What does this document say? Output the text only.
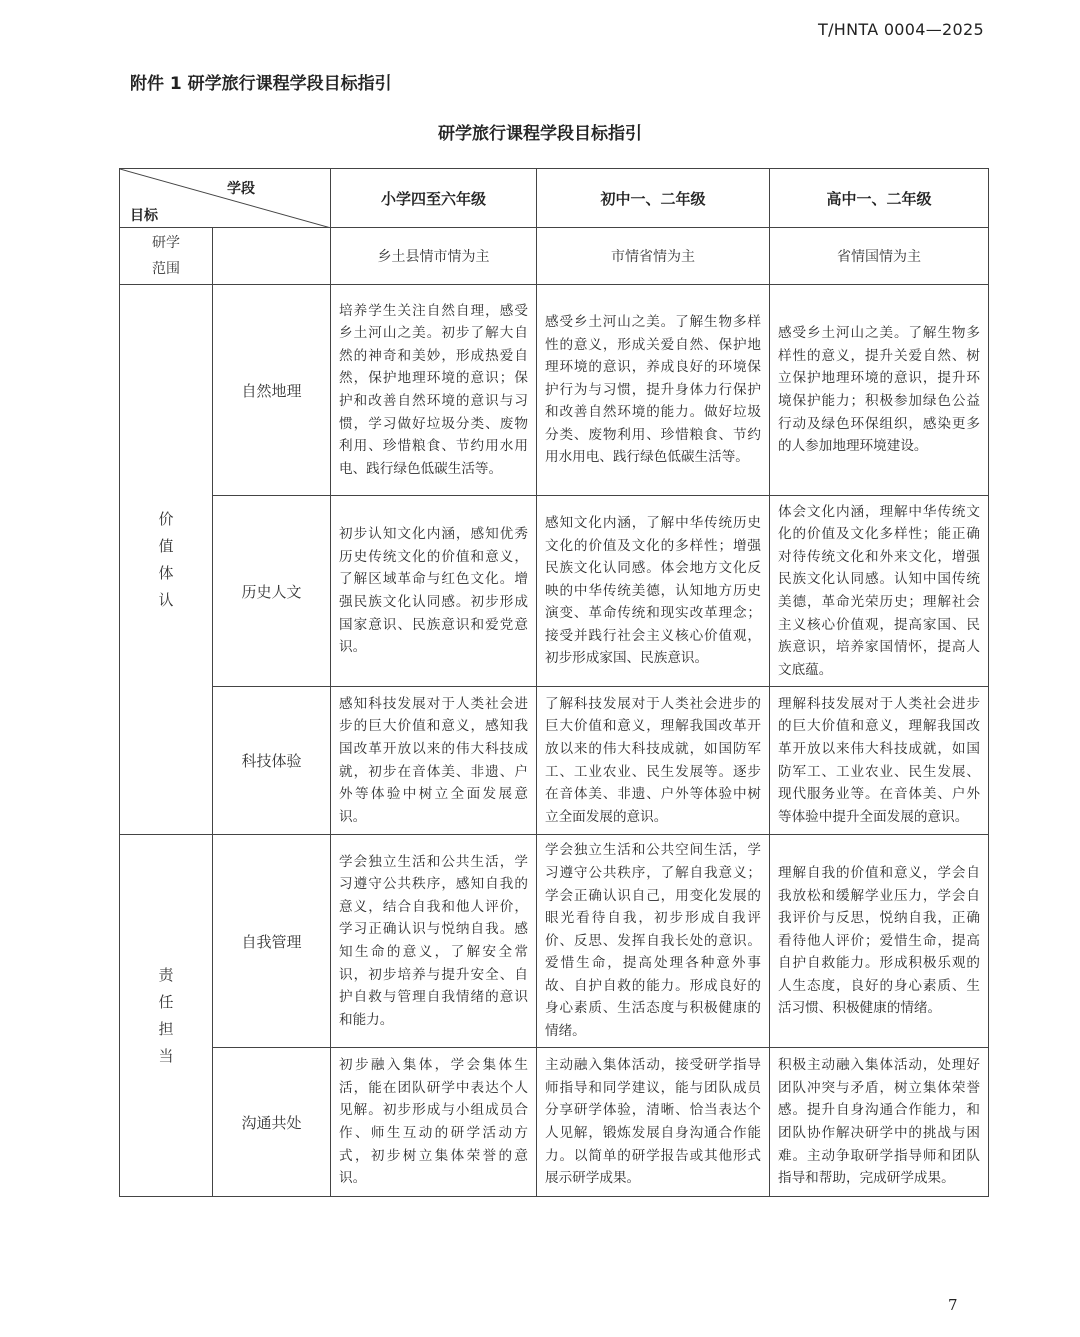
T/HNTA 0004—2025
附件 1 研学旅行课程学段目标指引
研学旅行课程学段目标指引
学段
目标		小学四至六年级	初中一、二年级	高中一、二年级
研学范围		乡土县情市情为主	市情省情为主	省情国情为主

价
值
体
认	自然地理	培养学生关注自然自理，感受乡土河山之美。初步了解大自然的神奇和美妙，形成热爱自然，保护地理环境的意识；保护和改善自然环境的意识与习惯，学习做好垃圾分类、废物利用、珍惜粮食、节约用水用电、践行绿色低碳生活等。	感受乡土河山之美。了解生物多样性的意义，形成关爱自然、保护地理环境的意识，养成良好的环境保护行为与习惯，提升身体力行保护和改善自然环境的能力。做好垃圾分类、废物利用、珍惜粮食、节约用水用电、践行绿色低碳生活等。	感受乡土河山之美。了解生物多样性的意义，提升关爱自然、树立保护地理环境的意识，提升环境保护能力；积极参加绿色公益行动及绿色环保组织，感染更多的人参加地理环境建设。
	历史人文	初步认知文化内涵，感知优秀历史传统文化的价值和意义，了解区域革命与红色文化。增强民族文化认同感。初步形成国家意识、民族意识和爱党意识。	感知文化内涵，了解中华传统历史文化的价值及文化的多样性；增强民族文化认同感。体会地方文化反映的中华传统美德，认知地方历史演变、革命传统和现实改革理念；接受并践行社会主义核心价值观，初步形成家国、民族意识。	体会文化内涵，理解中华传统文化的价值及文化多样性；能正确对待传统文化和外来文化，增强民族文化认同感。认知中国传统美德，革命光荣历史；理解社会主义核心价值观，提高家国、民族意识，培养家国情怀，提高人文底蕴。
	科技体验	感知科技发展对于人类社会进步的巨大价值和意义，感知我国改革开放以来的伟大科技成就，初步在音体美、非遗、户外等体验中树立全面发展意识。	了解科技发展对于人类社会进步的巨大价值和意义，理解我国改革开放以来的伟大科技成就，如国防军工、工业农业、民生发展等。逐步在音体美、非遗、户外等体验中树立全面发展的意识。	理解科技发展对于人类社会进步的巨大价值和意义，理解我国改革开放以来伟大科技成就，如国防军工、工业农业、民生发展、现代服务业等。在音体美、户外等体验中提升全面发展的意识。

责
任
担
当	自我管理	学会独立生活和公共生活，学习遵守公共秩序，感知自我的意义，结合自我和他人评价，学习正确认识与悦纳自我。感知生命的意义，了解安全常识，初步培养与提升安全、自护自救与管理自我情绪的意识和能力。	学会独立生活和公共空间生活，学习遵守公共秩序，了解自我意义；学会正确认识自己，用变化发展的眼光看待自我，初步形成自我评价、反思、发挥自我长处的意识。爱惜生命，提高处理各种意外事故、自护自救的能力。形成良好的身心素质、生活态度与积极健康的情绪。	理解自我的价值和意义，学会自我放松和缓解学业压力，学会自我评价与反思，悦纳自我，正确看待他人评价；爱惜生命，提高自护自救能力。形成积极乐观的人生态度，良好的身心素质、生活习惯、积极健康的情绪。
	沟通共处	初步融入集体，学会集体生活，能在团队研学中表达个人见解。初步形成与小组成员合作、师生互动的研学活动方式，初步树立集体荣誉的意识。	主动融入集体活动，接受研学指导师指导和同学建议，能与团队成员分享研学体验，清晰、恰当表达个人见解，锻炼发展自身沟通合作能力。以简单的研学报告或其他形式展示研学成果。	积极主动融入集体活动，处理好团队冲突与矛盾，树立集体荣誉感。提升自身沟通合作能力，和团队协作解决研学中的挑战与困难。主动争取研学指导师和团队指导和帮助，完成研学成果。
7
